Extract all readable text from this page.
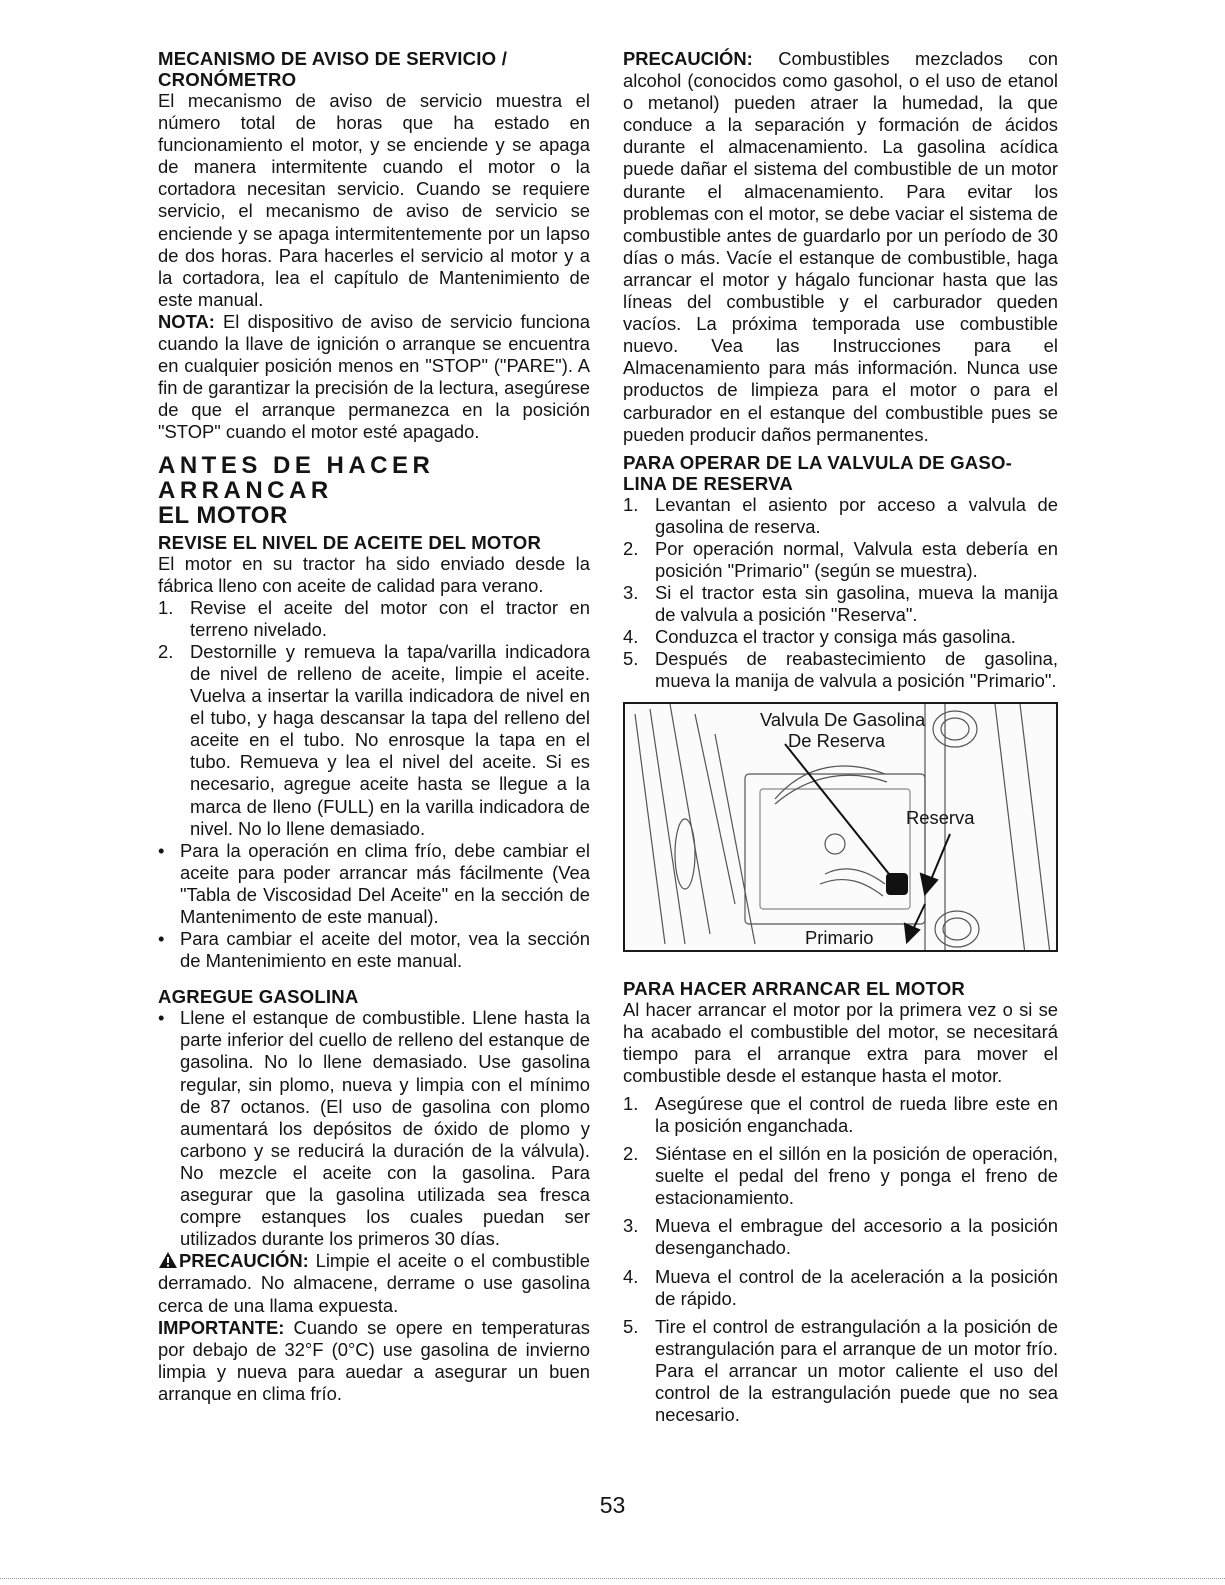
MECANISMO DE AVISO DE SERVICIO / CRONÓMETRO

El mecanismo de aviso de servicio muestra el número total de horas que ha estado en funcionamiento el motor, y se enciende y se apaga de manera intermitente cuando el motor o la cortadora necesitan servicio. Cuando se requiere servicio, el mecanismo de aviso de servicio se enciende y se apaga intermitentemente por un lapso de dos horas. Para hacerles el servicio al motor y a la cortadora, lea el capítulo de Mantenimiento de este manual.

NOTA: El dispositivo de aviso de servicio funciona cuando la llave de ignición o arranque se encuentra en cualquier posición menos en "STOP" ("PARE"). A fin de garantizar la precisión de la lectura, asegúrese de que el arranque permanezca en la posición "STOP" cuando el motor esté apagado.

ANTES DE HACER ARRANCAR
EL MOTOR
REVISE EL NIVEL DE ACEITE DEL MOTOR

El motor en su tractor ha sido enviado desde la fábrica lleno con aceite de calidad para verano.

1. Revise el aceite del motor con el tractor en terreno nivelado.
2. Destornille y remueva la tapa/varilla indicadora de nivel de relleno de aceite, limpie el aceite. Vuelva a insertar la varilla indicadora de nivel en el tubo, y haga descansar la tapa del relleno del aceite en el tubo. No enrosque la tapa en el tubo. Remueva y lea el nivel del aceite. Si es necesario, agregue aceite hasta se llegue a la marca de lleno (FULL) en la varilla indicadora de nivel. No lo llene demasiado.
• Para la operación en clima frío, debe cambiar el aceite para poder arrancar más fácilmente (Vea "Tabla de Viscosidad Del Aceite" en la sección de Mantenimento de este manual).
• Para cambiar el aceite del motor, vea la sección de Mantenimiento en este manual.
AGREGUE GASOLINA
• Llene el estanque de combustible. Llene hasta la parte inferior del cuello de relleno del estanque de gasolina. No lo llene demasiado. Use gasolina regular, sin plomo, nueva y limpia con el mínimo de 87 octanos. (El uso de gasolina con plomo aumentará los depósitos de óxido de plomo y carbono y se reducirá la duración de la válvula). No mezcle el aceite con la gasolina. Para asegurar que la gasolina utilizada sea fresca compre estanques los cuales puedan ser utilizados durante los primeros 30 días.

PRECAUCIÓN: Limpie el aceite o el combustible derramado. No almacene, derrame o use gasolina cerca de una llama expuesta.

IMPORTANTE: Cuando se opere en temperaturas por debajo de 32°F (0°C) use gasolina de invierno limpia y nueva para auedar a asegurar un buen arranque en clima frío.

PRECAUCIÓN: Combustibles mezclados con alcohol (conocidos como gasohol, o el uso de etanol o metanol) pueden atraer la humedad, la que conduce a la separación y formación de ácidos durante el almacenamiento. La gasolina acídica puede dañar el sistema del combustible de un motor durante el almacenamiento. Para evitar los problemas con el motor, se debe vaciar el sistema de combustible antes de guardarlo por un período de 30 días o más. Vacíe el estanque de combustible, haga arrancar el motor y hágalo funcionar hasta que las líneas del combustible y el carburador queden vacíos. La próxima temporada use combustible nuevo. Vea las Instrucciones para el Almacenamiento para más información. Nunca use productos de limpieza para el motor o para el carburador en el estanque del combustible pues se pueden producir daños permanentes.

PARA OPERAR DE LA VALVULA DE GASO-
LINA DE RESERVA
1. Levantan el asiento por acceso a valvula de gasolina de reserva.
2. Por operación normal, Valvula esta debería en posición "Primario" (según se muestra).
3. Si el tractor esta sin gasolina, mueva la manija de valvula a posición "Reserva".
4. Conduzca el tractor y consiga más gasolina.
5. Después de reabastecimiento de gasolina, mueva la manija de valvula a posición "Primario".
Valvula De Gasolina
De Reserva
Reserva
Primario
PARA HACER ARRANCAR EL MOTOR

Al hacer arrancar el motor por la primera vez o si se ha acabado el combustible del motor, se necesitará tiempo para el arranque extra para mover el combustible desde el estanque hasta el motor.

1. Asegúrese que el control de rueda libre este en la posición enganchada.
2. Siéntase en el sillón en la posición de operación, suelte el pedal del freno y ponga el freno de estacionamiento.
3. Mueva el embrague del accesorio a la posición desenganchado.
4. Mueva el control de la aceleración a la posición de rápido.
5. Tire el control de estrangulación a la posición de estrangulación para el arranque de un motor frío. Para el arrancar un motor caliente el uso del control de la estrangulación puede que no sea necesario.
53
